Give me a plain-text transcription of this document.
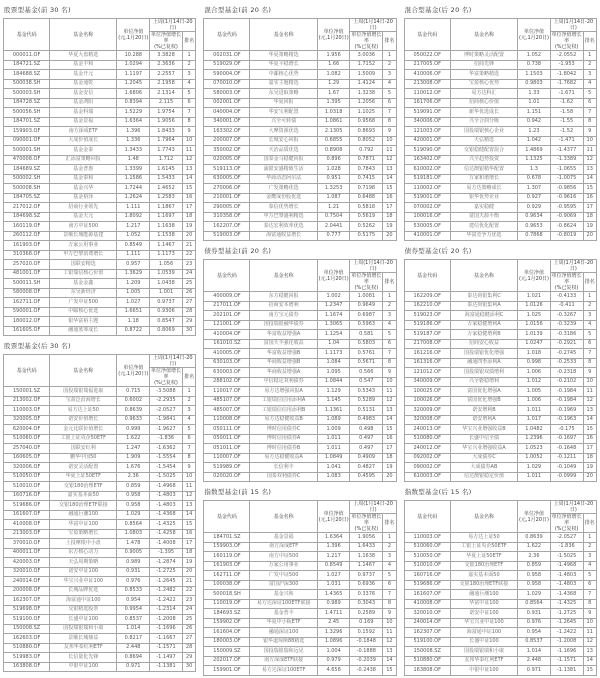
股票型基金(前 30 名)
基金代码	基金名称	单位净值
(元,1月20日)	上周(1月14日-20日)	

			单位净值增长率
(%已复权)	排名
000011.OF	华夏大盘精选	10.288	3.3828	1
184721.SZ	基金丰和	1.0294	2.3636	2
184688.SZ	基金开元	1.1197	2.2557	3
500038.SH	基金通乾	1.2045	2.1958	4
500003.SH	基金安信	1.6806	2.1314	5
184728.SZ	基金鸿阳	0.8394	2.115	6
500056.SH	基金科瑞	1.5229	1.9754	7
184701.SZ	基金景福	1.6364	1.9056	8
159903.OF	南方深成ETF	1.396	1.8433	9
090001.OF	大成价值成长	1.336	1.7964	10
500001.SH	基金金泰	1.3433	1.7743	11
470008.OF	汇添富策略回报	1.48	1.712	12
184689.SZ	基金普惠	1.3399	1.6145	13
500002.SH	基金泰和	1.1586	1.5433	14
500008.SH	基金兴华	1.7244	1.4652	15
184705.SZ	基金裕泽	1.2624	1.2583	16
217012.OF	招商行业领先	1.111	1.1867	17
184698.SZ	基金天元	1.8092	1.1697	18
160119.OF	南方中证500	1.217	1.1638	19
260112.OF	景顺长城能源基建	1.052	1.1538	20
161903.OF	万家公用事业	0.8549	1.1467	21
310368.OF	申万巴黎消费增长	1.111	1.1173	22
257020.OF	国联安精选	0.957	1.056	23
481001.OF	工银瑞信核心价值	1.3629	1.0539	24
500011.SH	基金金鑫	1.209	1.0438	25
580008.OF	东吴新经济	1.005	1.001	26
162711.OF	广发中证500	1.027	0.9737	27
590001.OF	中邮核心优选	1.6651	0.9306	28
180012.OF	银华富裕主题	1.18	0.8547	29
161605.OF	融通蓝筹成长	0.8722	0.8069	30
股票型基金(后 30 名)
基金代码	基金名称	单位净值
(元,1月20日)	上周(1月14日-20日)	

			单位净值增长率
(%已复权)	排名
150001.SZ	国投瑞银瑞福进取	0.715	-3.5088	1
213002.OF	宝盈泛沿海增长	0.6002	-2.2935	2
110003.OF	易方达上证50	0.8639	-2.0527	3
320005.OF	诺安价值增长	0.9633	-1.9841	4
620004.OF	金元比联价值增长	0.999	-1.9627	5
510060.OF	工银上证央企50ETF	1.622	-1.836	6
257040.OF	国联安红利	1.247	-1.6362	7
160605.OF	鹏华中国50	1.909	-1.5554	8
320006.OF	诺安灵活配置	1.676	-1.5454	9
510050.OF	华夏上证50ETF	2.36	-1.5025	10
510010.OF	交银180治理ETF	0.859	-1.4968	11
160716.OF	嘉实基本面50	0.958	-1.4803	12
519686.OF	交银180治理ETF联接	0.958	-1.4803	13
161607.OF	融通巨潮100	1.029	-1.4368	14
410008.OF	华富中证100	0.8564	-1.4325	15
213003.OF	宝盈策略增长	1.0803	-1.4258	16
370010.OF	上投摩根中小盘	1.478	-1.4008	17
400011.OF	东方核心动力	0.9005	-1.395	18
420003.OF	天弘周期策略	0.989	-1.2874	19
320010.OF	诺安中证100	0.931	-1.2725	20
240014.OF	华宝兴业中证100	0.976	-1.2645	21
200008.OF	长城品牌优选	0.8533	-1.2482	22
162307.OF	海富通中证100	0.954	-1.2422	23
519698.OF	交银精选股票	0.9954	-1.2314	24
519100.OF	长盛中证100	0.8537	-1.2008	25
150008.SZ	国投瑞银瑞和小康	1.014	-1.1696	26
162603.OF	景顺长城鼎益	0.8217	-1.1667	27
510880.OF	友邦华泰红利ETF	2.448	-1.1571	28
519983.OF	长信量化先锋	0.8694	-1.1497	29
163808.OF	中银中证100	0.971	-1.1381	30
混合型基金(前 20 名)
基金代码	基金名称	单位净值
(元,1月20日)	上周(1月14日-20日)	

			单位净值增长率
(%已复权)	排名
002031.OF	华夏策略精选	1.956	3.0036	1
519029.OF	华夏平稳增长	1.66	1.7152	2
590004.OF	中邮核心优势	1.082	1.5009	3
070010.OF	嘉实主题精选	1.29	1.4124	4
580003.OF	东吴进取策略	1.67	1.3238	5
002001.OF	华夏回报	1.395	1.2056	6
040004.OF	华安宝利配置	1.0318	1.1025	7
340001.OF	兴全可转债	1.0861	0.9568	8
163302.OF	大摩资源优选	2.1305	0.8693	9
200007.OF	长城安心回报	0.6855	0.8052	10
350002.OF	天治品质优选	0.8908	0.792	11
020005.OF	国泰金马稳健回报	0.896	0.7871	12
519113.OF	浦银安盛精致生活	1.028	0.7843	13
630005.OF	华商动态阿尔法	0.951	0.7415	14
270006.OF	广发策略优选	1.3253	0.7198	15
210001.OF	金鹰成份股优选	1.087	0.6488	16
290005.OF	泰信优势增长	1.21	0.5818	17
310358.OF	申万巴黎盛利精选	0.7504	0.5619	18
162207.OF	泰达宏利效率优选	2.0441	0.5262	19
519003.OF	海富通收益增长	0.777	0.5175	20
债券型基金(前 20 名)
基金代码	基金名称	单位净值
(元,1月20日)	上周(1月14日-20日)	

			单位净值增长率
(%已复权)	排名
400009.OF	东方稳健回报	1.002	1.0081	1
217011.OF	招商安本增利	1.2347	0.9649	2
202101.OF	南方宝元债券	1.1674	0.6987	3
121001.OF	国投瑞银融华债券	1.3065	0.5963	4
410004.OF	华富收益增强A	1.1254	0.581	5
161010.SZ	富国天丰强化收益	1.04	0.5803	6
410005.OF	华富收益增强B	1.1173	0.5761	7
630103.OF	华商收益增强B	1.084	0.5671	8
630003.OF	华商收益增强A	1.095	0.566	9
288102.OF	中信稳定双利债券	1.0844	0.547	10
110017.OF	易方达增强回报A	1.129	0.5343	11
485107.OF	工银瑞信信用添利A	1.145	0.5289	12
485007.OF	工银瑞信信用添利B	1.1361	0.5131	13
110008.OF	易方达稳健收益B	1.089	0.4983	14
050111.OF	博时信用债券C	1.009	0.498	15
050011.OF	博时信用债券A	1.011	0.497	16
051011.OF	博时信用债券B	1.011	0.497	17
110007.OF	易方达稳健收益A	1.0849	0.4909	18
519989.OF	长信利丰	1.041	0.4827	19
020020.OF	国泰双利债券C	1.083	0.4595	20
指数型基金(前 15 名)
基金代码	基金名称	单位净值
(元,1月20日)	上周(1月14日-20日)	

			单位净值增长率
(%已复权)	排名
184701.SZ	基金景福	1.6364	1.9056	1
159903.OF	南方深成ETF	1.396	1.6433	2
160119.OF	南方中证500	1.217	1.1638	3
161903.OF	万家公用事业	0.8549	1.1467	4
162711.OF	广发中证500	1.027	0.9737	5
100038.OF	富国沪深300	1.031	0.6936	6
500018.SH	基金兴和	1.4365	0.3376	7
110019.OF	易方达深证100ETF联接	0.989	0.3043	8
184693.SZ	基金普丰	1.4711	0.2589	9
159902.OF	华夏中小板ETF	2.45	0.169	10
161604.OF	融通深证100	1.3296	0.1592	11
180003.OF	银华道琼斯88精选	1.0896	-0.1848	12
150009.SZ	国投瑞银瑞和远见	1.004	-0.1888	13
202017.OF	南方深成ETF联接	0.979	-0.2039	14
159901.OF	易方达深证100ETF	4.658	-0.2438	15
混合型基金(后 20 名)
基金代码	基金名称	单位净值
(元,1月20日)	上周(1月14日-20日)	

			单位净值增长率
(%已复权)	排名
050022.OF	博时策略灵活配置	1.052	-2.0552	1
217005.OF	招商先锋	0.738	-1.953	2
410006.OF	华富策略精选	1.1503	-1.8042	3
213008.OF	宝盈核心优势	0.9803	-1.7682	4
110012.OF	易方达科汇	1.33	-1.671	5
161706.OF	招商核心价值	1.01	-1.62	6
519091.OF	新华优选成长	1.151	-1.58	7
340006.OF	兴全合润分级	0.942	-1.55	8
121003.OF	国投瑞银核心企业	1.23	-1.52	9
420001.OF	天弘精选	1.042	-1.471	10
519090.OF	交银稳健配置混合	1.4869	-1.4377	11
163402.OF	兴全趋势投资	1.1325	-1.3389	12
610002.OF	信达澳银精华配置	1.3	-1.0655	13
519181.OF	万家和谐增长	0.678	-1.0075	14
110002.OF	易方达策略成长	1.307	-0.9856	15
519001.OF	银华优势企业	0.927	-0.9616	16
070002.OF	嘉实稳健	0.929	-0.9595	17
100016.OF	富国天源平衡	0.9634	-0.9069	18
530005.OF	建信优化配置	0.9653	-0.8624	19
410001.OF	华富竞争力优选	0.7868	-0.8019	20
债券型基金(后 20 名)
基金代码	基金名称	单位净值
(元,1月20日)	上周(1月14日-20日)	

			单位净值增长率
(%已复权)	排名
162209.OF	泰达荷银集利C	1.021	-0.4133	1
162210.OF	泰达荷银集利A	1.0126	-0.411	2
519023.OF	海富通稳健添利C	1.025	-0.3267	3
519186.OF	万家稳健增利A	1.0156	-0.3239	4
519187.OF	万家稳健增利B	1.0139	-0.3186	5
217008.OF	招商安心收益	1.0247	-0.2921	6
161216.OF	国投瑞银优化增强	1.018	-0.2745	7
161316.OF	融通四季添利A	0.998	-0.2533	8
121012.OF	国投瑞银双债增利	1.006	-0.2318	9
340009.OF	兴全磐稳增利	1.012	-0.2102	10
100025.OF	富国优化增强A	1.005	-0.1984	11
100026.OF	富国优化增强B	1.006	-0.1984	12
320009.OF	诺安增利B	1.011	-0.1969	13
320008.OF	诺安增利A	1.017	-0.1963	14
240013.OF	华宝兴业增强收益B	1.0482	-0.175	15
510080.OF	长盛中信全债	1.2396	-0.1697	16
240012.OF	华宝兴业增强收益A	1.0523	-0.1648	17
092002.OF	大成债券C	1.0052	-0.1211	18
090002.OF	大成债券AB	1.029	-0.1049	19
610003.OF	信达澳银稳定价值	1.011	-0.0999	20
指数型基金(后 15 名)
基金代码	基金名称	单位净值
(元,1月20日)	上周(1月14日-20日)	

			单位净值增长率
(%已复权)	排名
110003.OF	易方达上证50	0.8639	-2.0527	1
510060.OF	工银上证央企50ETF	1.622	-1.836	2
510050.OF	华夏上证50ETF	2.36	-1.5025	3
510010.OF	交银180治理ETF	0.859	-1.4968	4
160716.OF	嘉实基本面50	0.958	-1.4803	5
519686.OF	交银180治理ETF联接	0.958	-1.4803	6
161607.OF	融通巨潮100	1.029	-1.4368	7
410008.OF	华富中证100	0.8564	-1.4325	8
320010.OF	诺安中证100	0.931	-1.2725	9
240014.OF	华宝兴业中证100	0.976	-1.2645	10
162307.OF	海富通中证100	0.954	-1.2422	11
519100.OF	长盛中证100	0.8537	-1.2008	12
150008.SZ	国投瑞银瑞和小康	1.014	-1.1696	13
510880.OF	友邦华泰红利ETF	2.448	-1.1571	14
163808.OF	中银中证100	0.971	-1.1381	15
